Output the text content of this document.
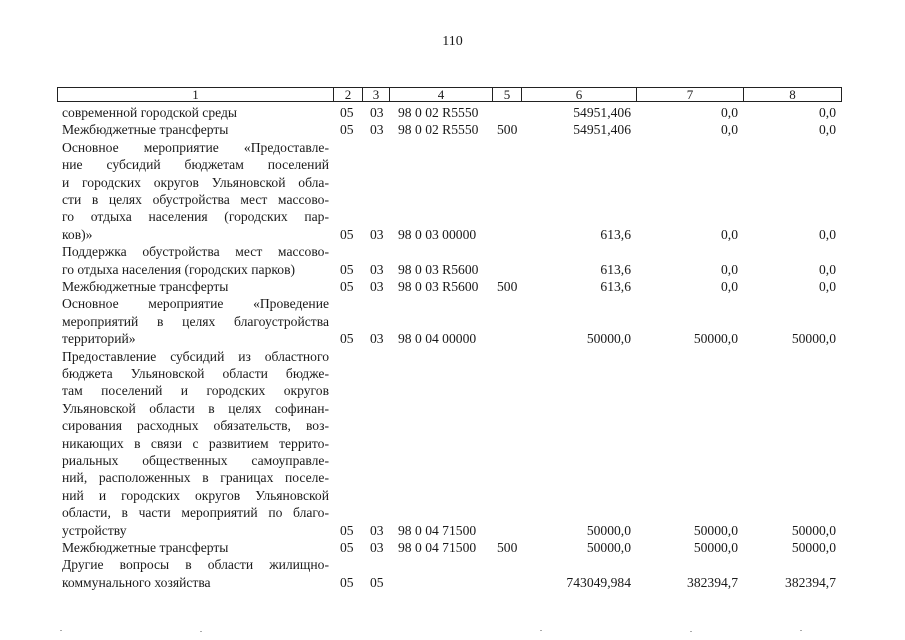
110
1	2	3	4	5	6	7	8
современной городской среды	05 03 98 0 02 R5550	54951,406	0,0	0,0
Межбюджетные трансферты	05 03 98 0 02 R5550 500	54951,406	0,0	0,0
Основное мероприятие «Предоставле-
ние субсидий бюджетам поселений
и городских округов Ульяновской обла-
сти в целях обустройства мест массово-
го отдыха населения (городских пар-
ков)»	05 03 98 0 03 00000	613,6	0,0	0,0
Поддержка обустройства мест массово-
го отдыха населения (городских парков)	05 03 98 0 03 R5600	613,6	0,0	0,0
Межбюджетные трансферты	05 03 98 0 03 R5600 500	613,6	0,0	0,0
Основное мероприятие «Проведение
мероприятий в целях благоустройства
территорий»	05 03 98 0 04 00000	50000,0	50000,0	50000,0
Предоставление субсидий из областного
бюджета Ульяновской области бюдже-
там поселений и городских округов
Ульяновской области в целях софинан-
сирования расходных обязательств, воз-
никающих в связи с развитием террито-
риальных общественных самоуправле-
ний, расположенных в границах поселе-
ний и городских округов Ульяновской
области, в части мероприятий по благо-
устройству	05 03 98 0 04 71500	50000,0	50000,0	50000,0
Межбюджетные трансферты	05 03 98 0 04 71500 500	50000,0	50000,0	50000,0
Другие вопросы в области жилищно-
коммунального хозяйства	05 05	743049,984	382394,7	382394,7
